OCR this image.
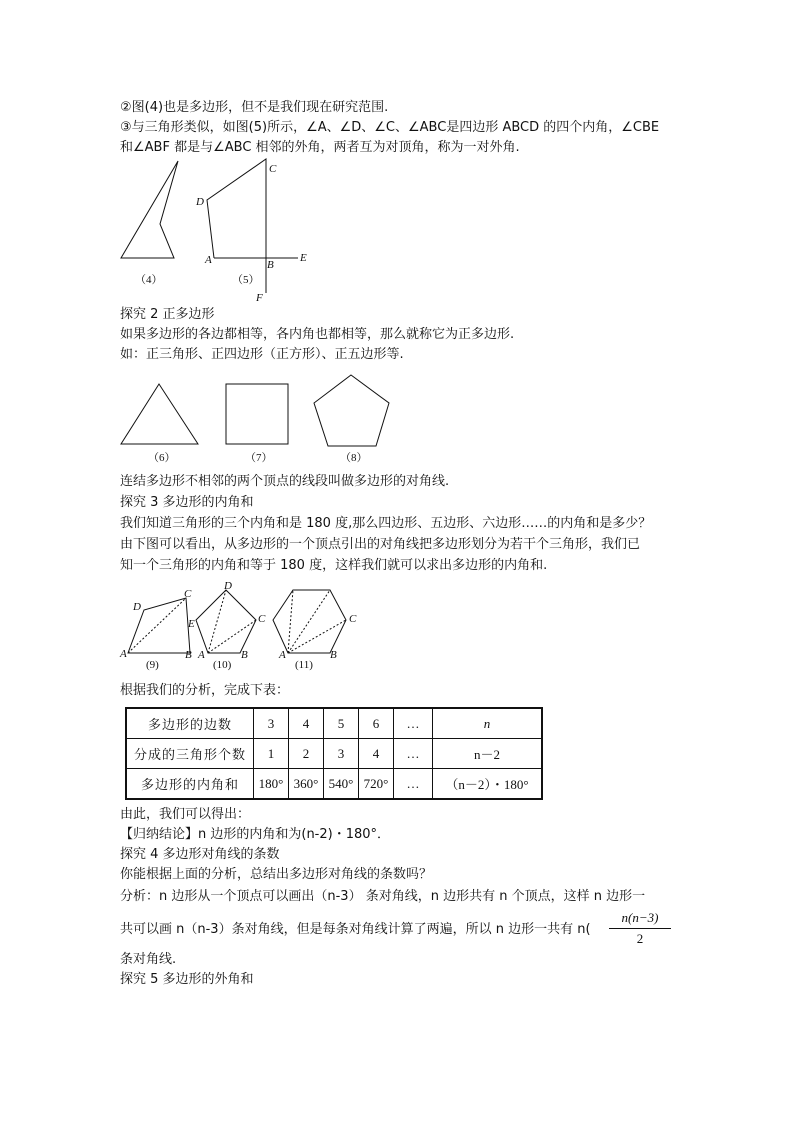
②图(4)也是多边形，但不是我们现在研究范围.
③与三角形类似，如图(5)所示，∠A、∠D、∠C、∠ABC是四边形 ABCD 的四个内角，∠CBE
和∠ABF 都是与∠ABC 相邻的外角，两者互为对顶角，称为一对外角.
（4）
A	B
C
D
E
F
（5）
探究 2 正多边形
如果多边形的各边都相等，各内角也都相等，那么就称它为正多边形.
如：正三角形、正四边形（正方形）、正五边形等.
（6）	（7）	（8）
连结多边形不相邻的两个顶点的线段叫做多边形的对角线.
探究 3 多边形的内角和
我们知道三角形的三个内角和是 180 度,那么四边形、五边形、六边形……的内角和是多少？
由下图可以看出，从多边形的一个顶点引出的对角线把多边形划分为若干个三角形，我们已
知一个三角形的内角和等于 180 度，这样我们就可以求出多边形的内角和.
A	B
C
D
E
(9)
D
C
A	B
(10)
A	B
C
(11)
根据我们的分析，完成下表：
多边形的边数	3	4	5	6	…	n
分成的三角形个数	1	2	3	4	…	n－2
多边形的内角和	180°	360°	540°	720°	…	（n－2）・180°
由此，我们可以得出：
【归纳结论】n 边形的内角和为(n-2)・180°．
探究 4 多边形对角线的条数
你能根据上面的分析，总结出多边形对角线的条数吗？
分析：n 边形从一个顶点可以画出（n-3） 条对角线，n 边形共有 n 个顶点，这样 n 边形一
共可以画 n（n-3）条对角线，但是每条对角线计算了两遍，所以 n 边形一共有 $n( \frac{n(n-3)}{2}$
条对角线.
探究 5 多边形的外角和
